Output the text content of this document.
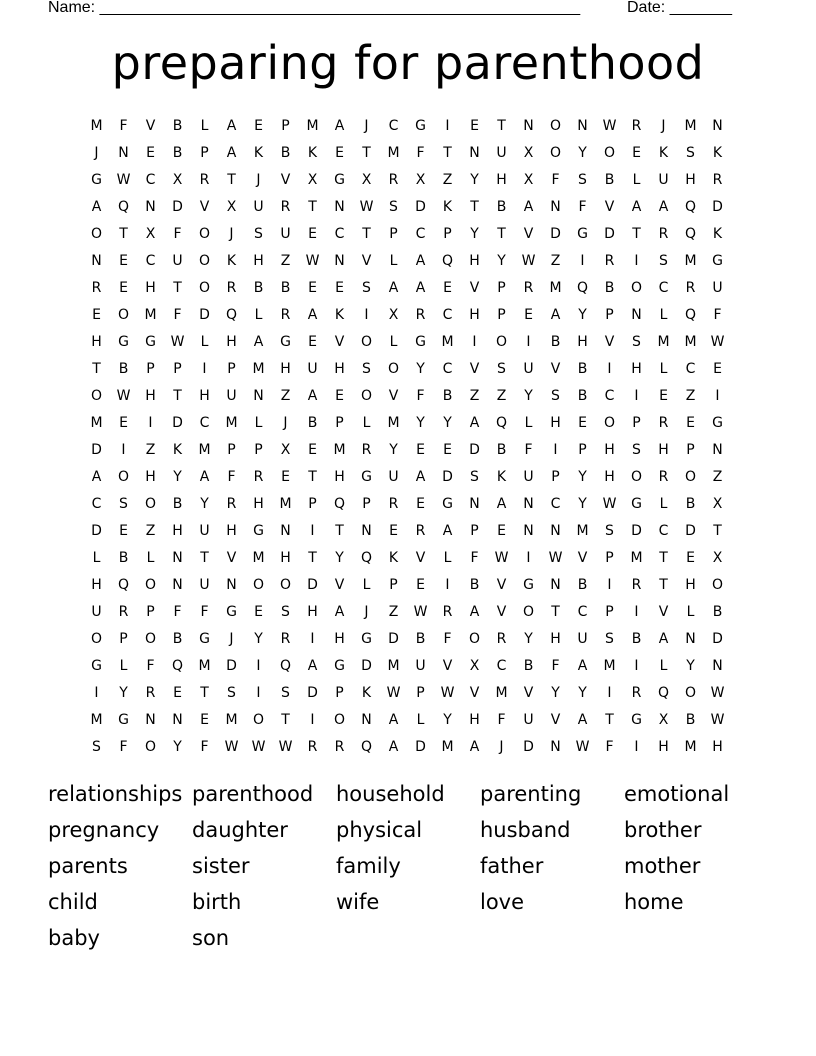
Name: ______________________________________________________	Date: _______
preparing for parenthood
M	F	V	B	L	A	E	P	M	A	J	C	G	I	E	T	N	O	N	W	R	J	M	N
J	N	E	B	P	A	K	B	K	E	T	M	F	T	N	U	X	O	Y	O	E	K	S	K
G	W	C	X	R	T	J	V	X	G	X	R	X	Z	Y	H	X	F	S	B	L	U	H	R
A	Q	N	D	V	X	U	R	T	N	W	S	D	K	T	B	A	N	F	V	A	A	Q	D
O	T	X	F	O	J	S	U	E	C	T	P	C	P	Y	T	V	D	G	D	T	R	Q	K
N	E	C	U	O	K	H	Z	W	N	V	L	A	Q	H	Y	W	Z	I	R	I	S	M	G
R	E	H	T	O	R	B	B	E	E	S	A	A	E	V	P	R	M	Q	B	O	C	R	U
E	O	M	F	D	Q	L	R	A	K	I	X	R	C	H	P	E	A	Y	P	N	L	Q	F
H	G	G	W	L	H	A	G	E	V	O	L	G	M	I	O	I	B	H	V	S	M	M	W
T	B	P	P	I	P	M	H	U	H	S	O	Y	C	V	S	U	V	B	I	H	L	C	E
O	W	H	T	H	U	N	Z	A	E	O	V	F	B	Z	Z	Y	S	B	C	I	E	Z	I
M	E	I	D	C	M	L	J	B	P	L	M	Y	Y	A	Q	L	H	E	O	P	R	E	G
D	I	Z	K	M	P	P	X	E	M	R	Y	E	E	D	B	F	I	P	H	S	H	P	N
A	O	H	Y	A	F	R	E	T	H	G	U	A	D	S	K	U	P	Y	H	O	R	O	Z
C	S	O	B	Y	R	H	M	P	Q	P	R	E	G	N	A	N	C	Y	W	G	L	B	X
D	E	Z	H	U	H	G	N	I	T	N	E	R	A	P	E	N	N	M	S	D	C	D	T
L	B	L	N	T	V	M	H	T	Y	Q	K	V	L	F	W	I	W	V	P	M	T	E	X
H	Q	O	N	U	N	O	O	D	V	L	P	E	I	B	V	G	N	B	I	R	T	H	O
U	R	P	F	F	G	E	S	H	A	J	Z	W	R	A	V	O	T	C	P	I	V	L	B
O	P	O	B	G	J	Y	R	I	H	G	D	B	F	O	R	Y	H	U	S	B	A	N	D
G	L	F	Q	M	D	I	Q	A	G	D	M	U	V	X	C	B	F	A	M	I	L	Y	N
I	Y	R	E	T	S	I	S	D	P	K	W	P	W	V	M	V	Y	Y	I	R	Q	O	W
M	G	N	N	E	M	O	T	I	O	N	A	L	Y	H	F	U	V	A	T	G	X	B	W
S	F	O	Y	F	W W W	R	R	Q	A	D	M	A	J	D	N	W	F	I	H	M	H
relationships parenthood	household	parenting	emotional
pregnancy	daughter	physical	husband	brother
parents	sister	family	father	mother
child	birth	wife	love	home
baby	son
